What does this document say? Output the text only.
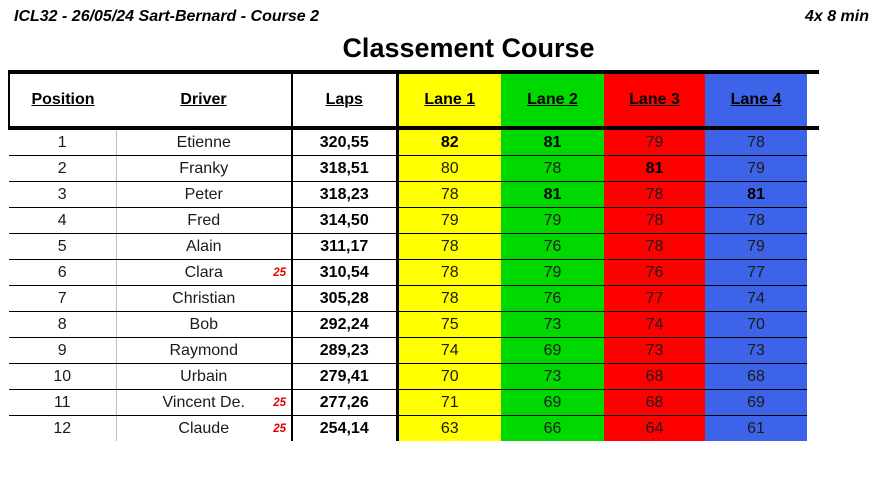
ICL32 - 26/05/24 Sart-Bernard - Course 2	4x 8 min
Classement Course
Position	Driver	Laps	Lane 1	Lane 2	Lane 3	Lane 4	
1	Etienne	320,55	82	81	79	78	
2	Franky	318,51	80	78	81	79	
3	Peter	318,23	78	81	78	81	
4	Fred	314,50	79	79	78	78	
5	Alain	311,17	78	76	78	79	
6	Clara 25	310,54	78	79	76	77	
7	Christian	305,28	78	76	77	74	
8	Bob	292,24	75	73	74	70	
9	Raymond	289,23	74	69	73	73	
10	Urbain	279,41	70	73	68	68	
11	Vincent De. 25	277,26	71	69	68	69	
12	Claude 25	254,14	63	66	64	61	
